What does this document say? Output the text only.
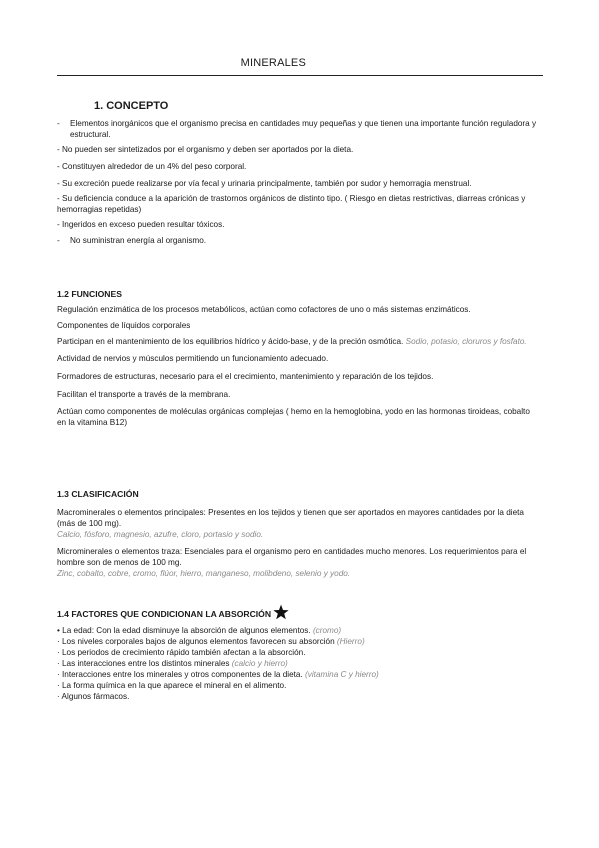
MINERALES
1. CONCEPTO
-	Elementos inorgánicos que el organismo precisa en cantidades muy pequeñas y que tienen una importante función reguladora y estructural.
- No pueden ser sintetizados por el organismo y deben ser aportados por la dieta.
- Constituyen alrededor de un 4% del peso corporal.
- Su excreción puede realizarse por vía fecal y urinaria principalmente, también por sudor y hemorragia menstrual.
- Su deficiencia conduce a la aparición de trastornos orgánicos de distinto tipo. ( Riesgo en dietas restrictivas, diarreas crónicas y hemorragias repetidas)
- Ingeridos en exceso pueden resultar tóxicos.
-	No suministran energía al organismo.
1.2 FUNCIONES

Regulación enzimática de los procesos metabólicos, actúan como cofactores de uno o más sistemas enzimáticos.

Componentes de líquidos corporales

Participan en el mantenimiento de los equilibrios hídrico y ácido-base, y de la preción osmótica. Sodio, potasio, cloruros y fosfato.

Actividad de nervios y músculos permitiendo un funcionamiento adecuado.

Formadores de estructuras, necesario para el el crecimiento, mantenimiento y reparación de los tejidos.

Facilitan el transporte a través de la membrana.

Actúan como componentes de moléculas orgánicas complejas ( hemo en la hemoglobina, yodo en las hormonas tiroideas, cobalto en la vitamina B12)

1.3 CLASIFICACIÓN

Macrominerales o elementos principales: Presentes en los tejidos y tienen que ser aportados en mayores cantidades por la dieta (más de 100 mg).

Calcio, fósforo, magnesio, azufre, cloro, portasio y sodio.

Microminerales o elementos traza: Esenciales para el organismo pero en cantidades mucho menores. Los requerimientos para el hombre son de menos de 100 mg.

Zinc, cobalto, cobre, cromo, flúor, hierro, manganeso, molibdeno, selenio y yodo.

1.4 FACTORES QUE CONDICIONAN LA ABSORCIÓN
• La edad: Con la edad disminuye la absorción de algunos elementos. (cromo)
· Los niveles corporales bajos de algunos elementos favorecen su absorción (Hierro)
· Los periodos de crecimiento rápido también afectan a la absorción.
· Las interacciones entre los distintos minerales (calcio y hierro)
· Interacciones entre los minerales y otros componentes de la dieta. (vitamina C y hierro)
· La forma química en la que aparece el mineral en el alimento.
· Algunos fármacos.
